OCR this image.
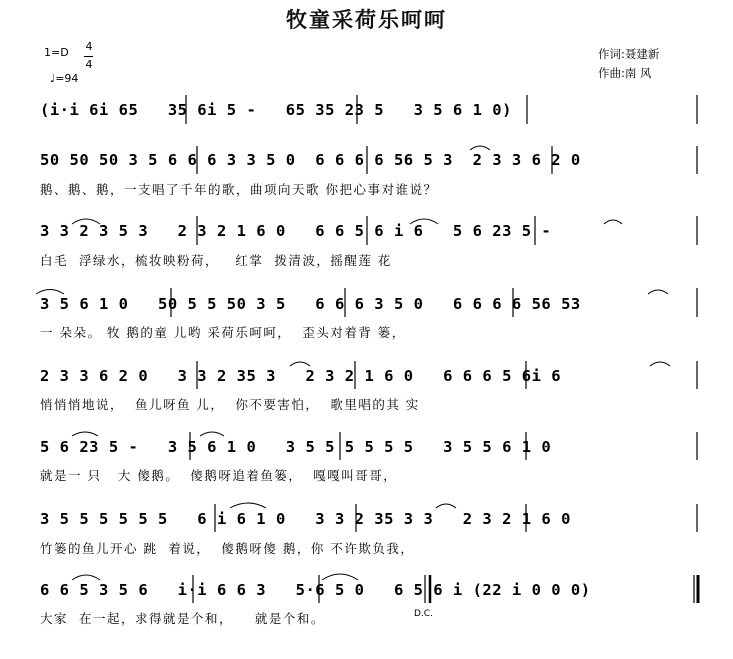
牧童采荷乐呵呵
1=D 4
4
♩=94
作词:聂建新
作曲:南 风
(i·i 6i 65   35 6i 5 -   65 35 23 5   3 5 6 1 0)
50 50 50 3 5 6 6 6 3 3 5 0  6 6 6 6 56 5 3  2 3 3 6 2 0
鹅、鹅、鹅，一支唱了千年的歌，曲项向天歌 你把心事对谁说？
3 3 2 3 5 3   2 3 2 1 6 0   6 6 5 6 i 6   5 6 23 5 -
白毛  浮绿水，梳妆映粉荷，   红掌  拨清波，摇醒莲 花
3 5 6 1 0   50 5 5 50 3 5   6 6 6 3 5 0   6 6 6 6 56 53
一 朵朵。 牧 鹅的童 儿哟 采荷乐呵呵，  歪头对着背 篓，
2 3 3 6 2 0   3 3 2 35 3   2 3 2 1 6 0   6 6 6 5 6i 6
悄悄悄地说，  鱼儿呀鱼 儿，  你不要害怕，  歌里唱的其 实
5 6 23 5 -   3 5 6 1 0   3 5 5 5 5 5 5   3 5 5 6 1 0
就是一 只   大 傻鹅。  傻鹅呀追着鱼篓，  嘎嘎叫哥哥，
3 5 5 5 5 5 5   6 i 6 1 0   3 3 2 35 3 3   2 3 2 1 6 0
竹篓的鱼儿开心 跳  着说，  傻鹅呀傻 鹅，你 不许欺负我，
6 6 5 3 5 6   i·i 6 6 3   5·6 5 0   6 5 6 i (22 i 0 0 0)
大家  在一起，求得就是个和，    就是个和。	D.C.
